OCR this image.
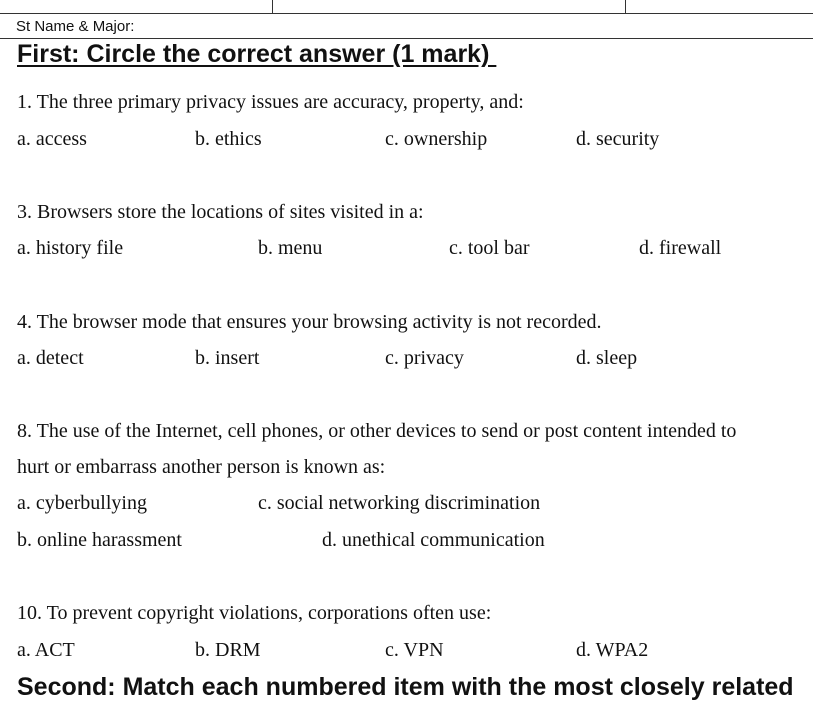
St Name & Major:
First: Circle the correct answer (1 mark)
1. The three primary privacy issues are accuracy, property, and:
a. access	b. ethics	c. ownership	d. security
3. Browsers store the locations of sites visited in a:
a. history file	b. menu	c. tool bar	d. firewall
4. The browser mode that ensures your browsing activity is not recorded.
a. detect	b. insert	c. privacy	d. sleep
8. The use of the Internet, cell phones, or other devices to send or post content intended to
hurt or embarrass another person is known as:
a. cyberbullying	c. social networking discrimination
b. online harassment	d. unethical communication
10. To prevent copyright violations, corporations often use:
a. ACT	b. DRM	c. VPN	d. WPA2
Second: Match each numbered item with the most closely related
